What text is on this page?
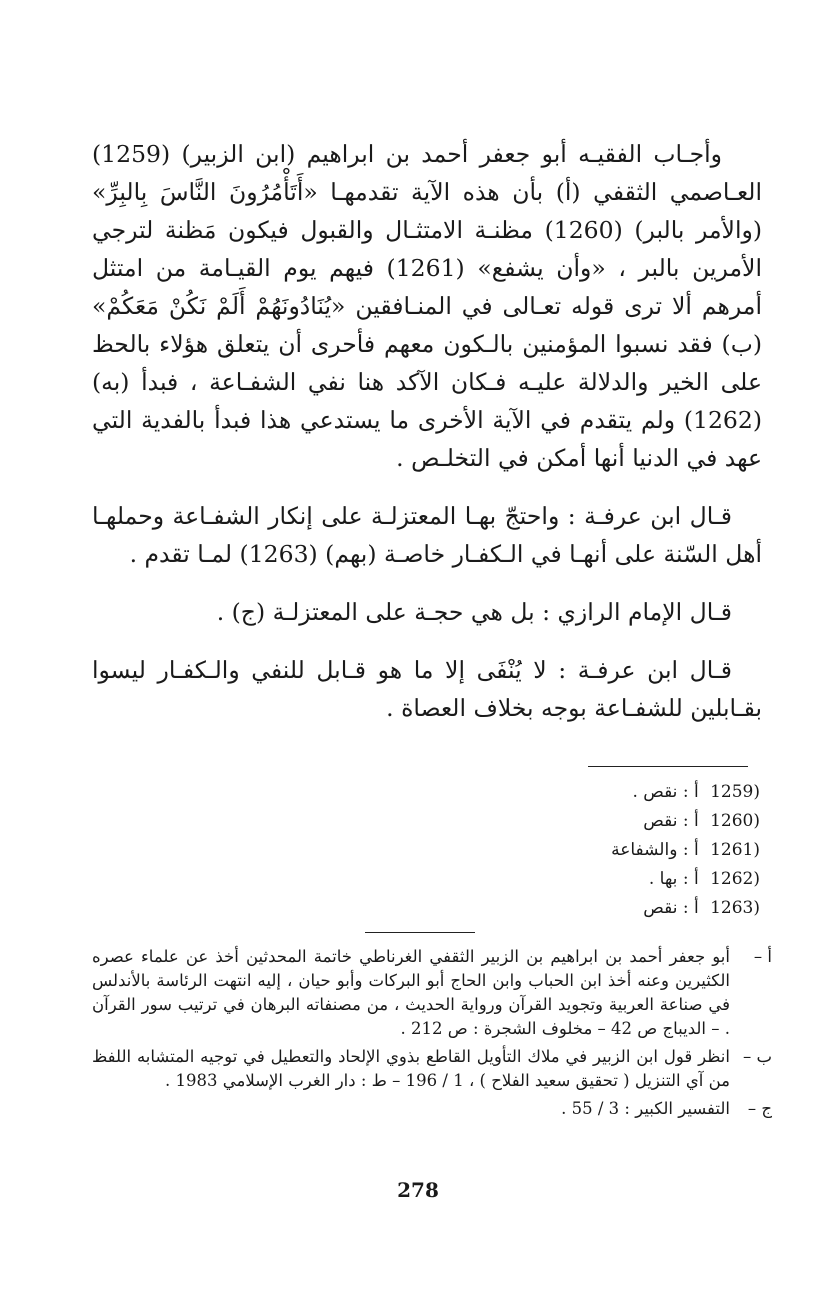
وأجـاب الفقيـه أبو جعفر أحمد بن ابراهيم (ابن الزبير) (1259) العـاصمي الثقفي (أ) بأن هذه الآية تقدمهـا «أَتَأْمُرُونَ النَّاسَ بِالبِرِّ» (والأمر بالبر) (1260) مظنـة الامتثـال والقبول فيكون مَظنة لترجي الأمرين بالبر ، «وأن يشفع» (1261) فيهم يوم القيـامة من امتثل أمرهم ألا ترى قوله تعـالى في المنـافقين «يُنَادُونَهُمْ أَلَمْ نَكُنْ مَعَكُمْ» (ب) فقد نسبوا المؤمنين بالـكون معهم فأحرى أن يتعلق هؤلاء بالحظ على الخير والدلالة عليـه فـكان الآكد هنا نفي الشفـاعة ، فبدأ (به) (1262) ولم يتقدم في الآية الأخرى ما يستدعي هذا فبدأ بالفدية التي عهد في الدنيا أنها أمكن في التخلـص .

قـال ابن عرفـة : واحتجّ بهـا المعتزلـة على إنكار الشفـاعة وحملهـا أهل السّنة على أنهـا في الـكفـار خاصـة (بهم) (1263) لمـا تقدم .

قـال الإمام الرازي : بل هي حجـة على المعتزلـة (ج) .

قـال ابن عرفـة : لا يُنْفَى إلا ما هو قـابل للنفي والـكفـار ليسوا بقـابلين للشفـاعة بوجه بخلاف العصاة .

(1259 أ : نقص .
(1260 أ : نقص
(1261 أ : والشفاعة
(1262 أ : بها .
(1263 أ : نقص
أ –
أبو جعفر أحمد بن ابراهيم بن الزبير الثقفي الغرناطي خاتمة المحدثين أخذ عن علماء عصره الكثيرين وعنه أخذ ابن الحباب وابن الحاج أبو البركات وأبو حيان ، إليه انتهت الرئاسة بالأندلس في صناعة العربية وتجويد القرآن ورواية الحديث ، من مصنفاته البرهان في ترتيب سور القرآن . – الديباج ص 42 – مخلوف الشجرة : ص 212 .
ب –
انظر قول ابن الزبير في ملاك التأويل القاطع بذوي الإلحاد والتعطيل في توجيه المتشابه اللفظ من آي التنزيل ( تحقيق سعيد الفلاح ) ، 1 / 196 – ط : دار الغرب الإسلامي 1983 .
ج –
التفسير الكبير : 3 / 55 .
278
